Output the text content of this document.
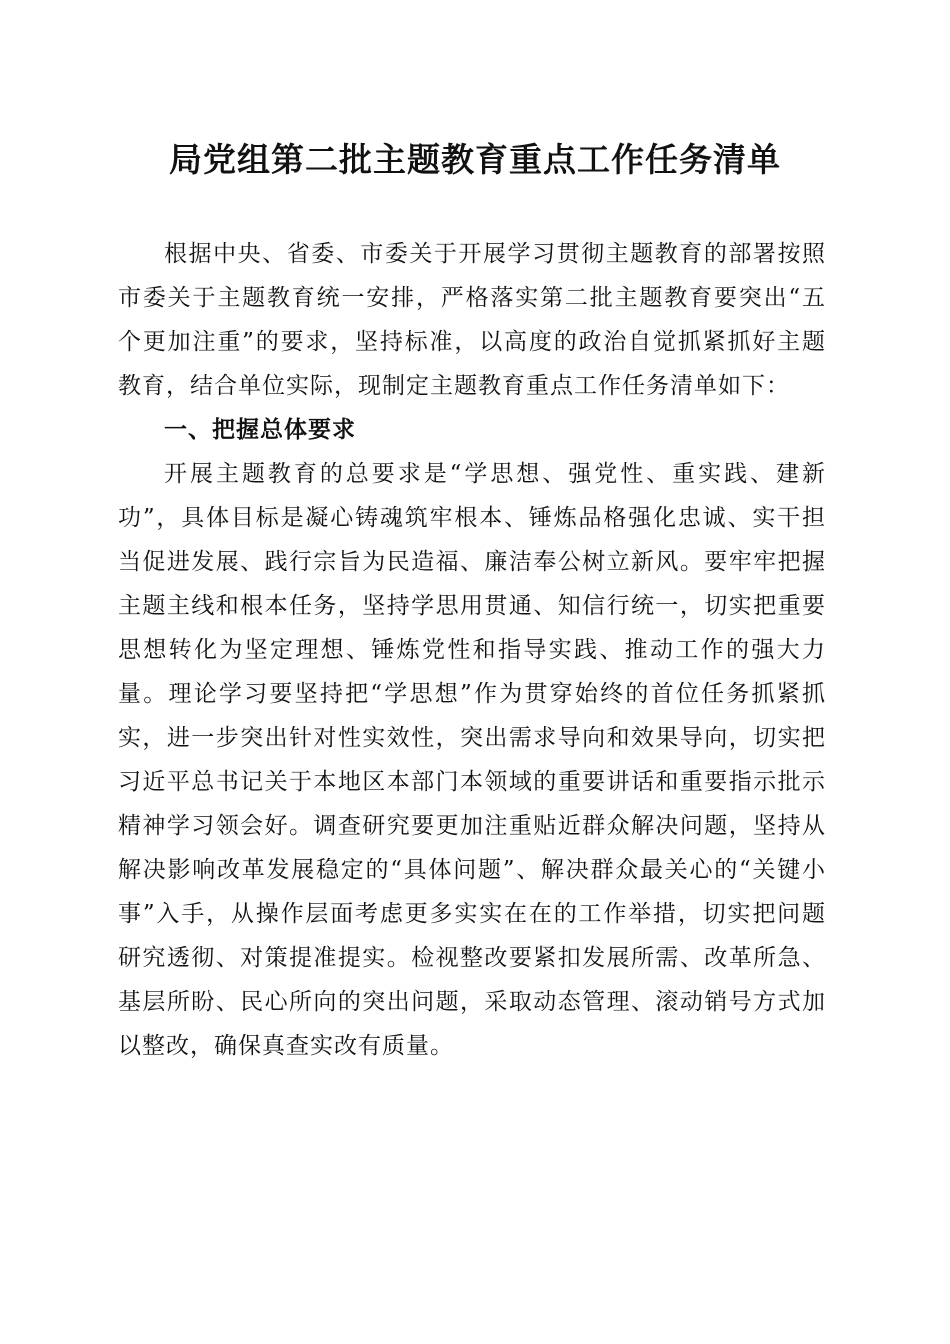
局党组第二批主题教育重点工作任务清单

根据中央、省委、市委关于开展学习贯彻主题教育的部署按照市委关于主题教育统一安排，严格落实第二批主题教育要突出“五个更加注重”的要求，坚持标准，以高度的政治自觉抓紧抓好主题教育，结合单位实际，现制定主题教育重点工作任务清单如下：

一、把握总体要求

开展主题教育的总要求是“学思想、强党性、重实践、建新功”，具体目标是凝心铸魂筑牢根本、锤炼品格强化忠诚、实干担当促进发展、践行宗旨为民造福、廉洁奉公树立新风。要牢牢把握主题主线和根本任务，坚持学思用贯通、知信行统一，切实把重要思想转化为坚定理想、锤炼党性和指导实践、推动工作的强大力量。理论学习要坚持把“学思想”作为贯穿始终的首位任务抓紧抓实，进一步突出针对性实效性，突出需求导向和效果导向，切实把习近平总书记关于本地区本部门本领域的重要讲话和重要指示批示精神学习领会好。调查研究要更加注重贴近群众解决问题，坚持从解决影响改革发展稳定的“具体问题”、解决群众最关心的“关键小事”入手，从操作层面考虑更多实实在在的工作举措，切实把问题研究透彻、对策提准提实。检视整改要紧扣发展所需、改革所急、基层所盼、民心所向的突出问题，采取动态管理、滚动销号方式加以整改，确保真查实改有质量。
